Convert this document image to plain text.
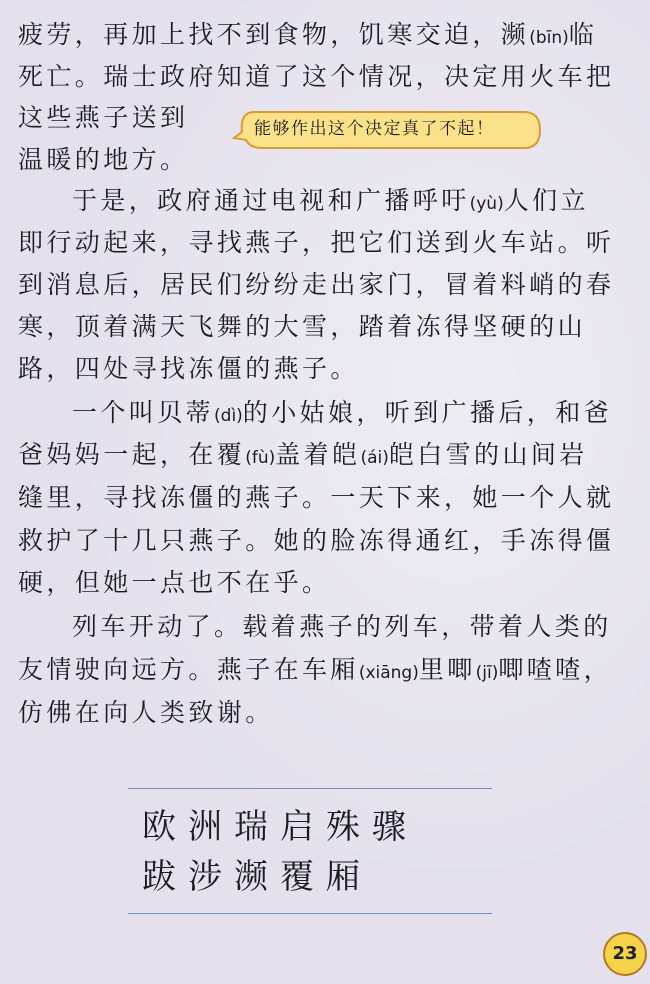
疲劳，再加上找不到食物，饥寒交迫，濒(bīn)临
死亡。瑞士政府知道了这个情况，决定用火车把
这些燕子送到
温暖的地方。
能够作出这个决定真了不起！
于是，政府通过电视和广播呼吁(yù)人们立
即行动起来，寻找燕子，把它们送到火车站。听
到消息后，居民们纷纷走出家门，冒着料峭的春
寒，顶着满天飞舞的大雪，踏着冻得坚硬的山
路，四处寻找冻僵的燕子。
一个叫贝蒂(dì)的小姑娘，听到广播后，和爸
爸妈妈一起，在覆(fù)盖着皑(ái)皑白雪的山间岩
缝里，寻找冻僵的燕子。一天下来，她一个人就
救护了十几只燕子。她的脸冻得通红，手冻得僵
硬，但她一点也不在乎。
列车开动了。载着燕子的列车，带着人类的
友情驶向远方。燕子在车厢(xiāng)里唧(jī)唧喳喳，
仿佛在向人类致谢。
欧洲瑞启殊骤
跋涉濒覆厢
23
